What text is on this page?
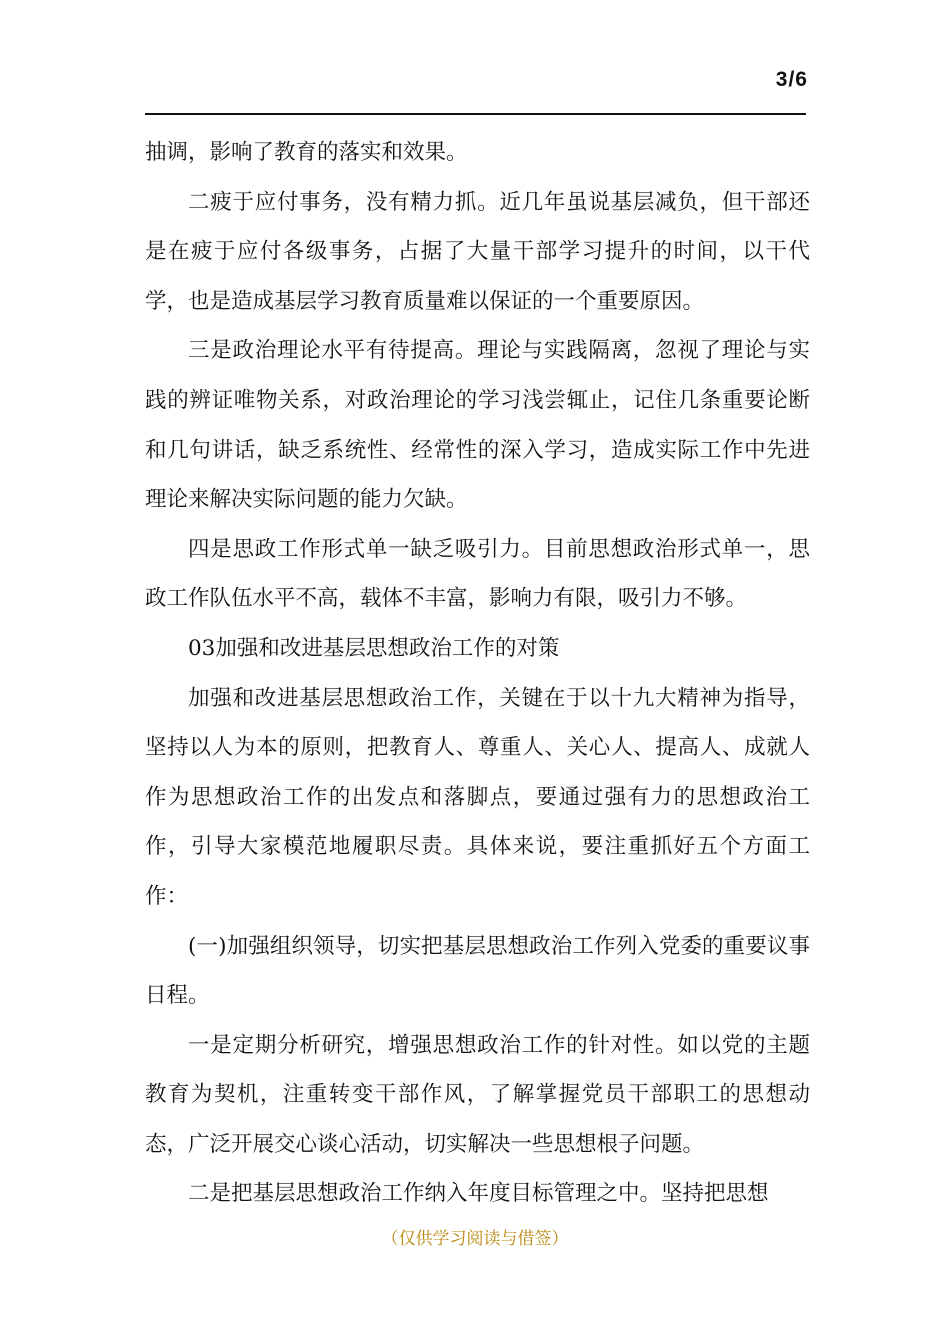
3/6

抽调，影响了教育的落实和效果。

二疲于应付事务，没有精力抓。近几年虽说基层减负，但干部还是在疲于应付各级事务，占据了大量干部学习提升的时间，以干代学，也是造成基层学习教育质量难以保证的一个重要原因。

三是政治理论水平有待提高。理论与实践隔离，忽视了理论与实践的辨证唯物关系，对政治理论的学习浅尝辄止，记住几条重要论断和几句讲话，缺乏系统性、经常性的深入学习，造成实际工作中先进理论来解决实际问题的能力欠缺。

四是思政工作形式单一缺乏吸引力。目前思想政治形式单一，思政工作队伍水平不高，载体不丰富，影响力有限，吸引力不够。

03加强和改进基层思想政治工作的对策

加强和改进基层思想政治工作，关键在于以十九大精神为指导，坚持以人为本的原则，把教育人、尊重人、关心人、提高人、成就人作为思想政治工作的出发点和落脚点，要通过强有力的思想政治工作，引导大家模范地履职尽责。具体来说，要注重抓好五个方面工作：

(一)加强组织领导，切实把基层思想政治工作列入党委的重要议事日程。

一是定期分析研究，增强思想政治工作的针对性。如以党的主题教育为契机，注重转变干部作风，了解掌握党员干部职工的思想动态，广泛开展交心谈心活动，切实解决一些思想根子问题。

二是把基层思想政治工作纳入年度目标管理之中。坚持把思想

（仅供学习阅读与借签）
